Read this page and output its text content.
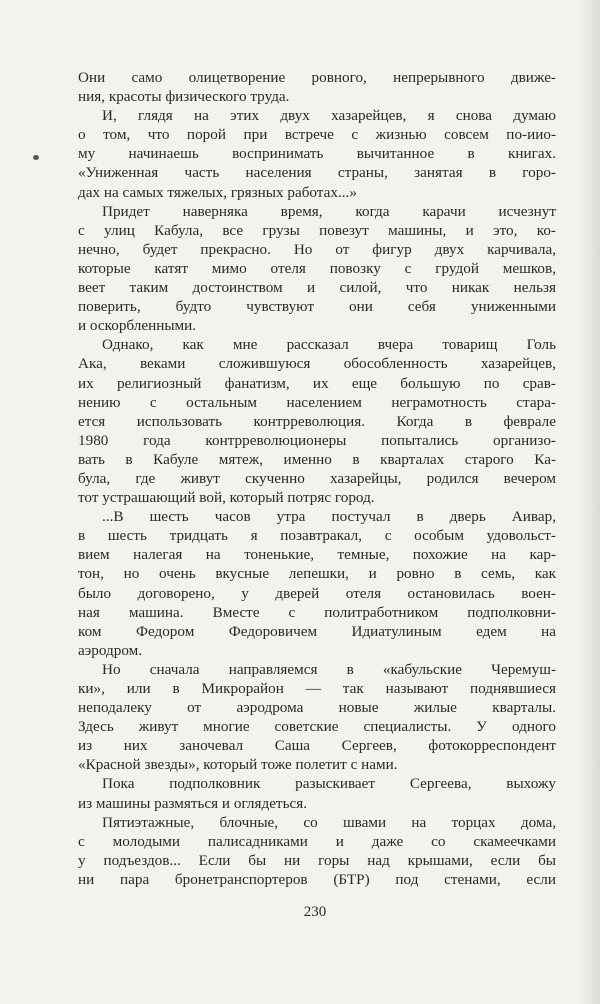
Они само олицетворение ровного, непрерывного движе-
ния, красоты физического труда.
И, глядя на этих двух хазарейцев, я снова думаю
о том, что порой при встрече с жизнью совсем по-иио-
му начинаешь воспринимать вычитанное в книгах.
«Униженная часть населения страны, занятая в горо-
дах на самых тяжелых, грязных работах...»
Придет наверняка время, когда карачи исчезнут
с улиц Кабула, все грузы повезут машины, и это, ко-
нечно, будет прекрасно. Но от фигур двух карчивала,
которые катят мимо отеля повозку с грудой мешков,
веет таким достоинством и силой, что никак нельзя
поверить, будто чувствуют они себя униженными
и оскорбленными.
Однако, как мне рассказал вчера товарищ Голь
Ака, веками сложившуюся обособленность хазарейцев,
их религиозный фанатизм, их еще большую по срав-
нению с остальным населением неграмотность стара-
ется использовать контрреволюция. Когда в феврале
1980 года контрреволюционеры попытались организо-
вать в Кабуле мятеж, именно в кварталах старого Ка-
була, где живут скученно хазарейцы, родился вечером
тот устрашающий вой, который потряс город.
...В шесть часов утра постучал в дверь Аивар,
в шесть тридцать я позавтракал, с особым удовольст-
вием налегая на тоненькие, темные, похожие на кар-
тон, но очень вкусные лепешки, и ровно в семь, как
было договорено, у дверей отеля остановилась воен-
ная машина. Вместе с политработником подполковни-
ком Федором Федоровичем Идиатулиным едем на
аэродром.
Но сначала направляемся в «кабульские Черемуш-
ки», или в Микрорайон — так называют поднявшиеся
неподалеку от аэродрома новые жилые кварталы.
Здесь живут многие советские специалисты. У одного
из них заночевал Саша Сергеев, фотокорреспондент
«Красной звезды», который тоже полетит с нами.
Пока подполковник разыскивает Сергеева, выхожу
из машины размяться и оглядеться.
Пятиэтажные, блочные, со швами на торцах дома,
с молодыми палисадниками и даже со скамеечками
у подъездов... Если бы ни горы над крышами, если бы
ни пара бронетранспортеров (БТР) под стенами, если
230
